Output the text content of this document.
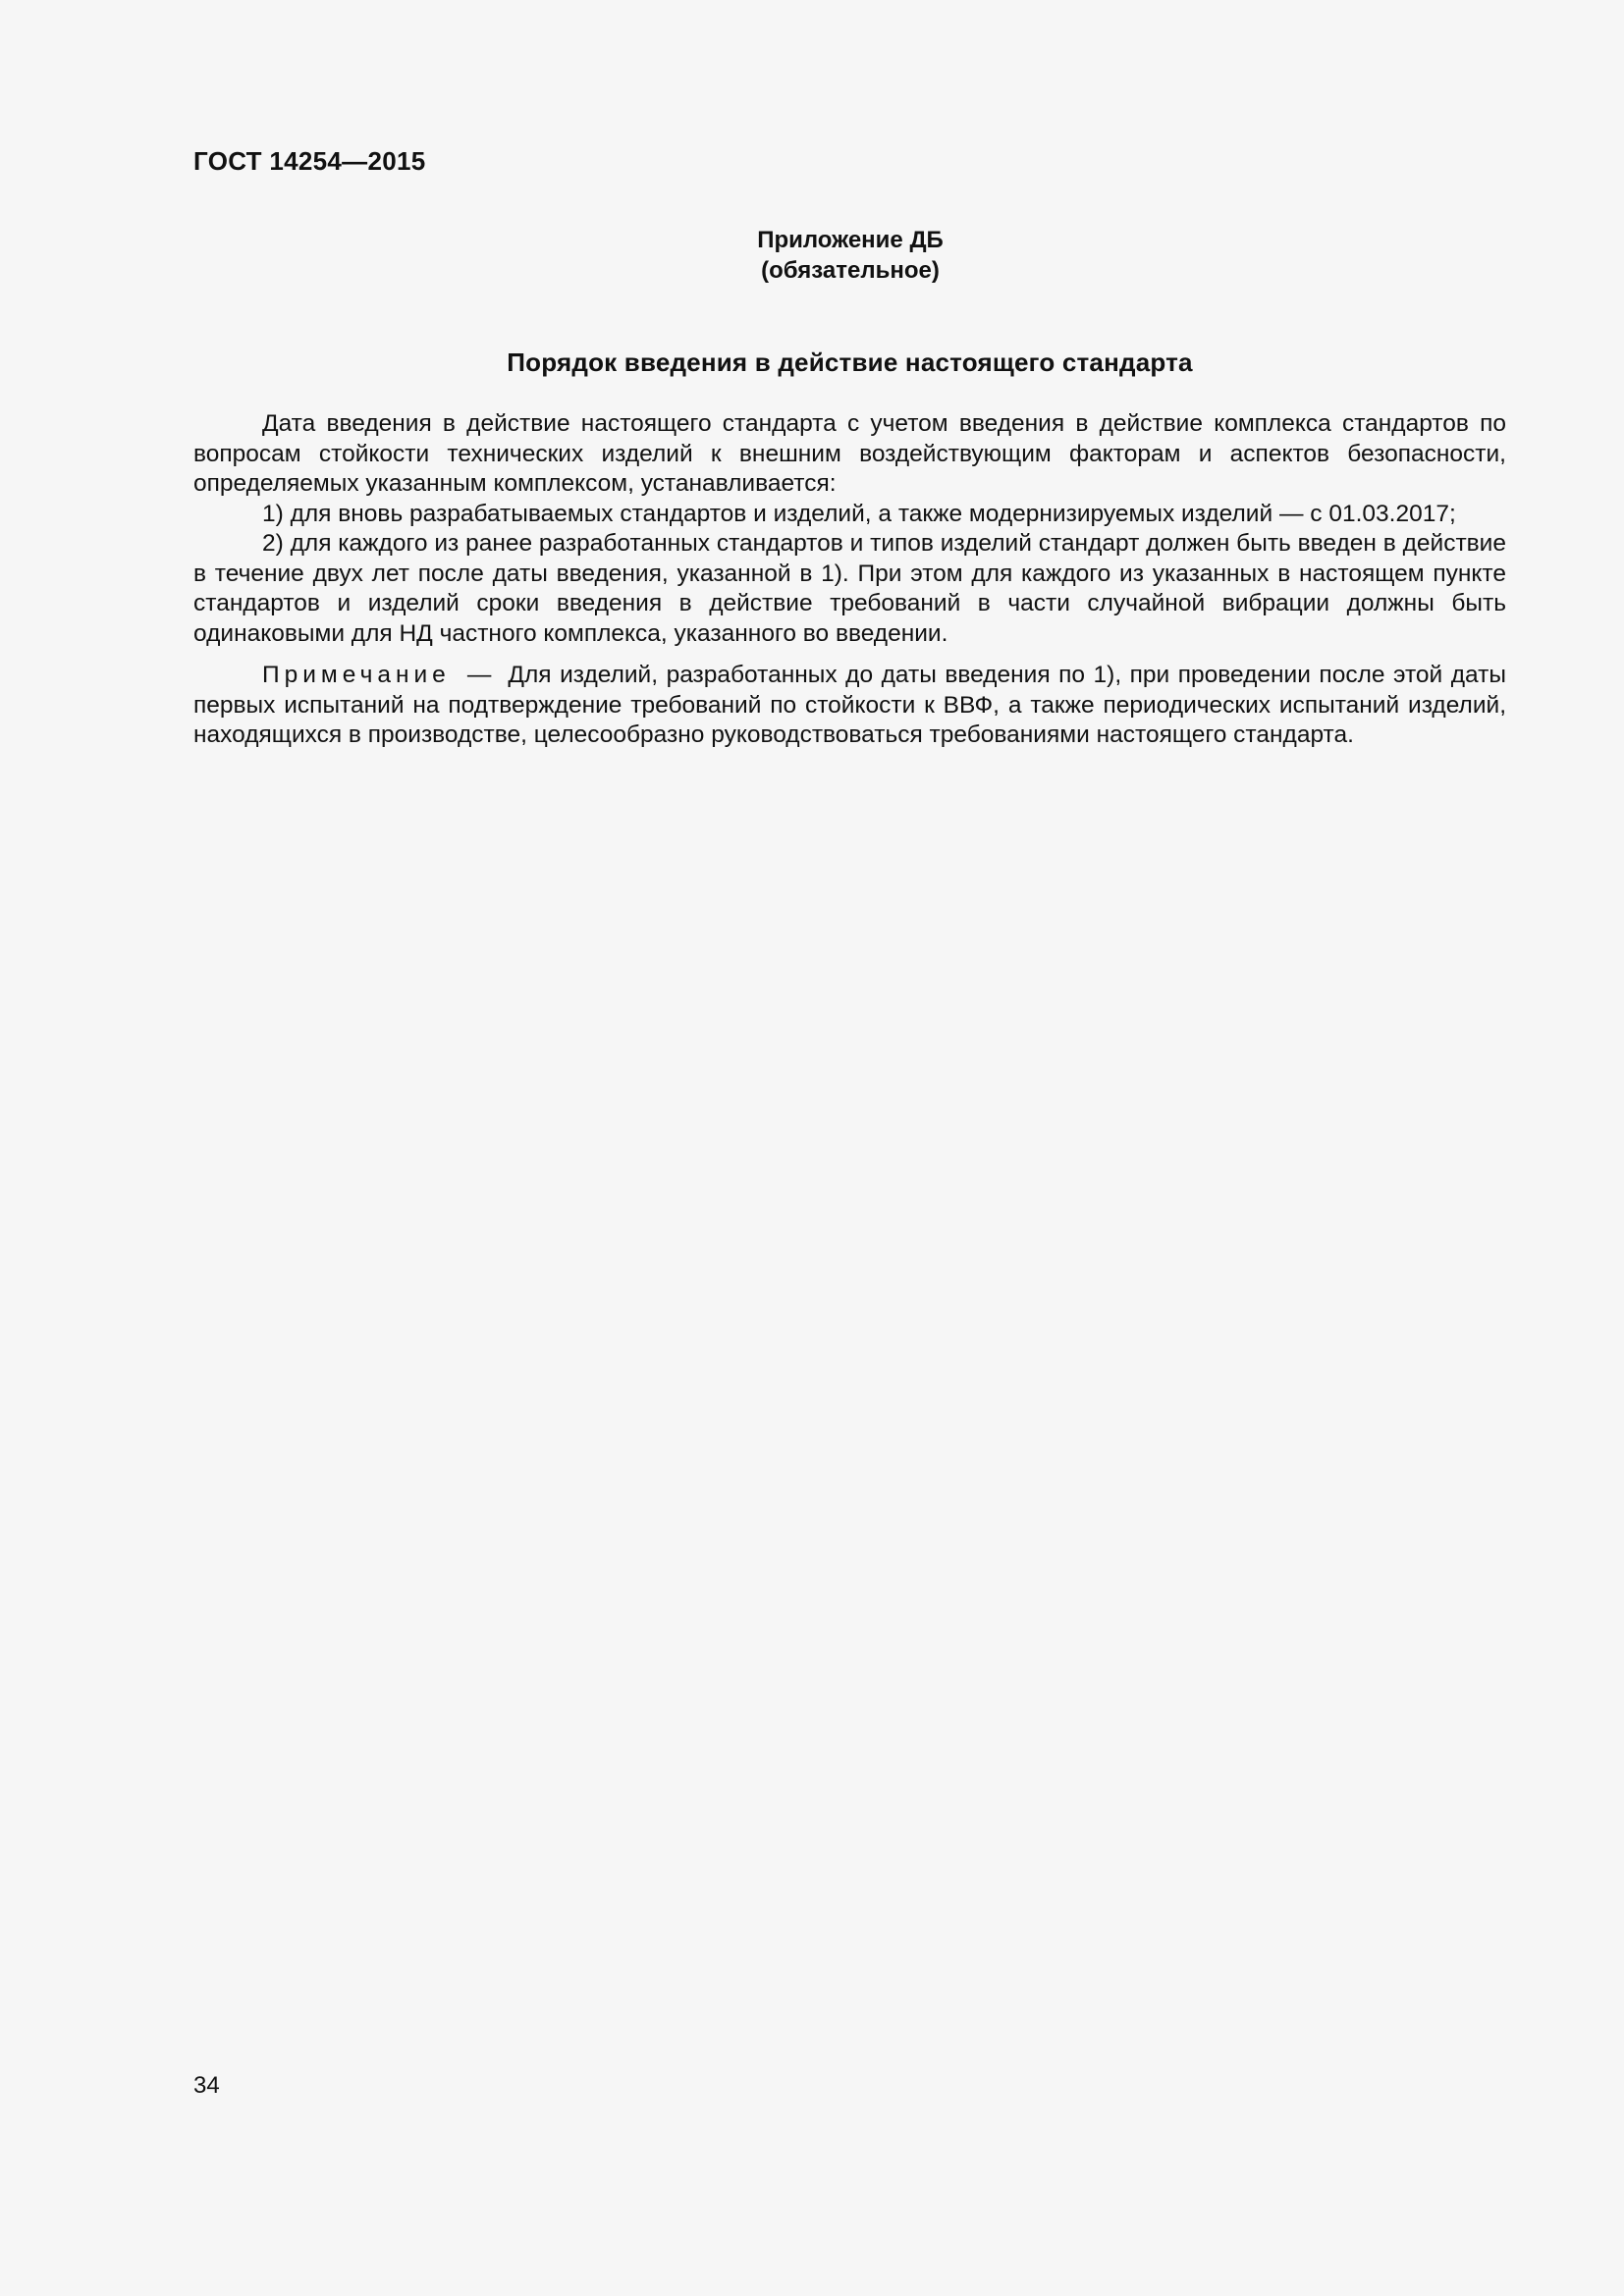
ГОСТ 14254—2015
Приложение ДБ
(обязательное)
Порядок введения в действие настоящего стандарта

Дата введения в действие настоящего стандарта с учетом введения в действие комплекса стандартов по вопросам стойкости технических изделий к внешним воздействующим факторам и аспектов безопасности, определяемых указанным комплексом, устанавливается:

1) для вновь разрабатываемых стандартов и изделий, а также модернизируемых изделий — с 01.03.2017;

2) для каждого из ранее разработанных стандартов и типов изделий стандарт должен быть введен в действие в течение двух лет после даты введения, указанной в 1). При этом для каждого из указанных в настоящем пункте стандартов и изделий сроки введения в действие требований в части случайной вибрации должны быть одинаковыми для НД частного комплекса, указанного во введении.

Примечание — Для изделий, разработанных до даты введения по 1), при проведении после этой даты первых испытаний на подтверждение требований по стойкости к ВВФ, а также периодических испытаний изделий, находящихся в производстве, целесообразно руководствоваться требованиями настоящего стандарта.

34
